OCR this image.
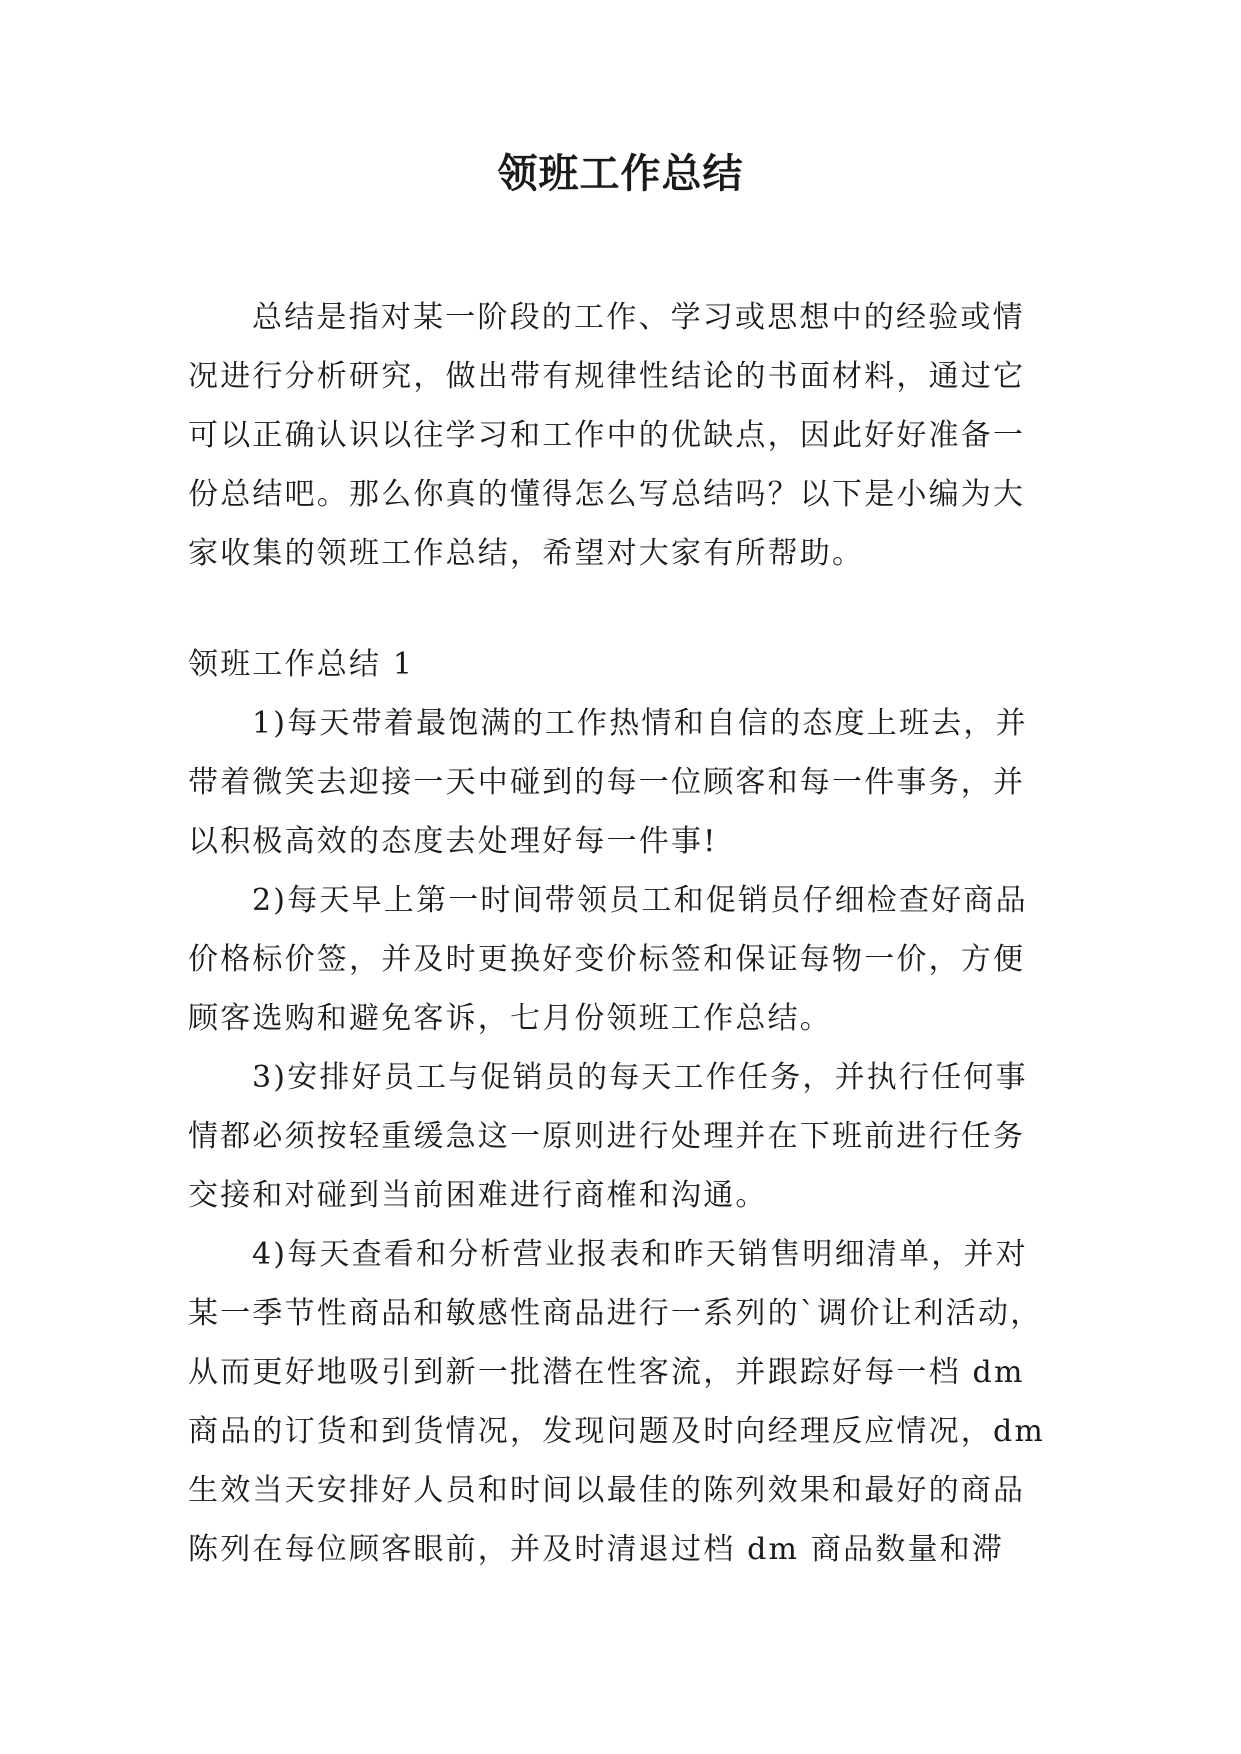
领班工作总结

总结是指对某一阶段的工作、学习或思想中的经验或情况进行分析研究，做出带有规律性结论的书面材料，通过它可以正确认识以往学习和工作中的优缺点，因此好好准备一份总结吧。那么你真的懂得怎么写总结吗？以下是小编为大家收集的领班工作总结，希望对大家有所帮助。

领班工作总结 1

1)每天带着最饱满的工作热情和自信的态度上班去，并带着微笑去迎接一天中碰到的每一位顾客和每一件事务，并以积极高效的态度去处理好每一件事!

2)每天早上第一时间带领员工和促销员仔细检查好商品价格标价签，并及时更换好变价标签和保证每物一价，方便顾客选购和避免客诉，七月份领班工作总结。

3)安排好员工与促销员的每天工作任务，并执行任何事情都必须按轻重缓急这一原则进行处理并在下班前进行任务交接和对碰到当前困难进行商榷和沟通。

4)每天查看和分析营业报表和昨天销售明细清单，并对某一季节性商品和敏感性商品进行一系列的`调价让利活动，从而更好地吸引到新一批潜在性客流，并跟踪好每一档 dm 商品的订货和到货情况，发现问题及时向经理反应情况，dm 生效当天安排好人员和时间以最佳的陈列效果和最好的商品陈列在每位顾客眼前，并及时清退过档 dm 商品数量和滞
